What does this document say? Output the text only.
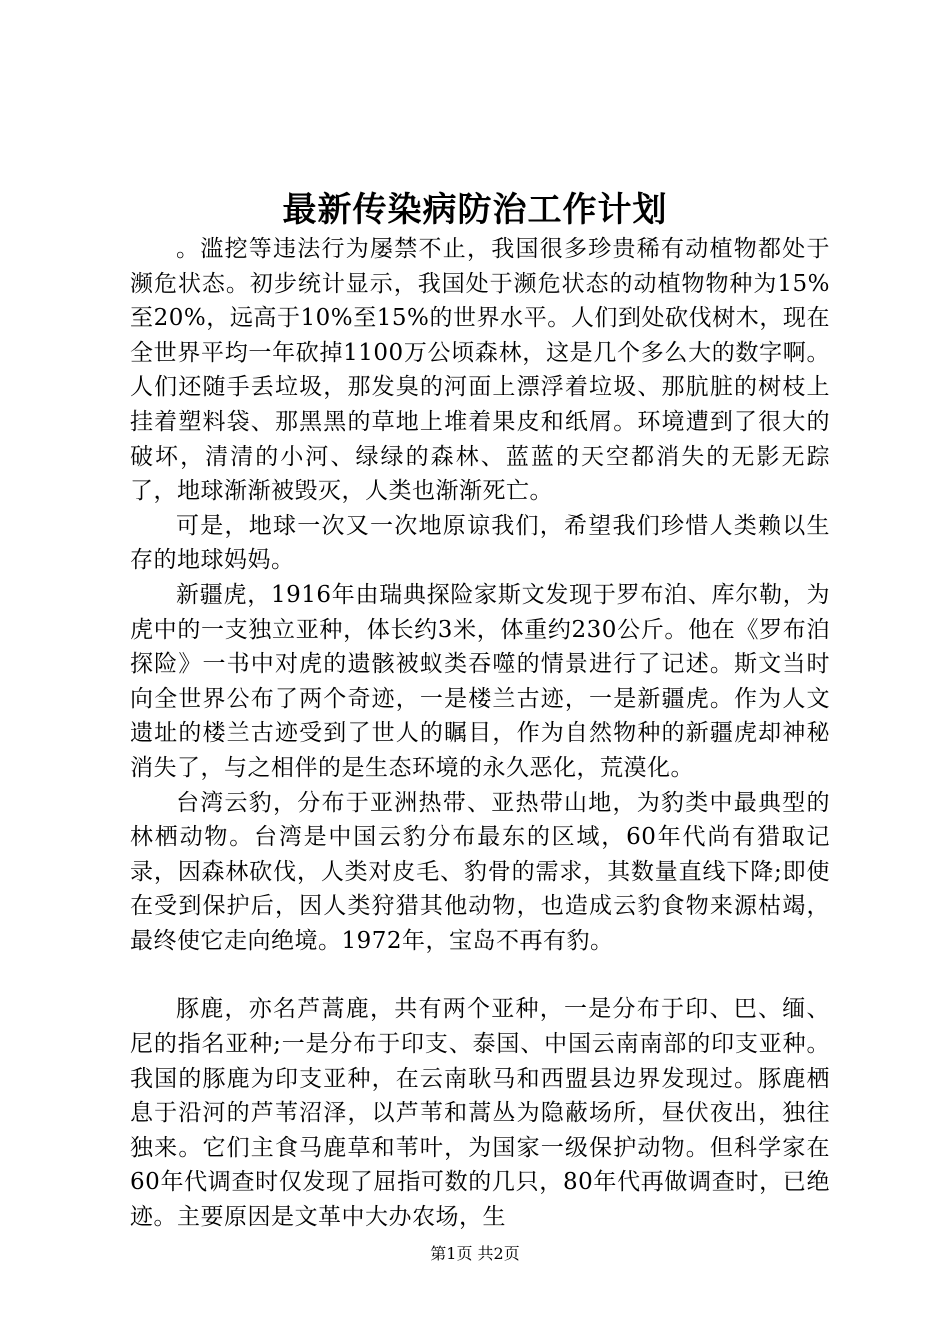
最新传染病防治工作计划

。滥挖等违法行为屡禁不止，我国很多珍贵稀有动植物都处于濒危状态。初步统计显示，我国处于濒危状态的动植物物种为15%至20%，远高于10%至15%的世界水平。人们到处砍伐树木，现在全世界平均一年砍掉1100万公顷森林，这是几个多么大的数字啊。人们还随手丢垃圾，那发臭的河面上漂浮着垃圾、那肮脏的树枝上挂着塑料袋、那黑黑的草地上堆着果皮和纸屑。环境遭到了很大的破坏，清清的小河、绿绿的森林、蓝蓝的天空都消失的无影无踪了，地球渐渐被毁灭，人类也渐渐死亡。

可是，地球一次又一次地原谅我们，希望我们珍惜人类赖以生存的地球妈妈。

新疆虎，1916年由瑞典探险家斯文发现于罗布泊、库尔勒，为虎中的一支独立亚种，体长约3米，体重约230公斤。他在《罗布泊探险》一书中对虎的遗骸被蚁类吞噬的情景进行了记述。斯文当时向全世界公布了两个奇迹，一是楼兰古迹，一是新疆虎。作为人文遗址的楼兰古迹受到了世人的瞩目，作为自然物种的新疆虎却神秘消失了，与之相伴的是生态环境的永久恶化，荒漠化。

台湾云豹，分布于亚洲热带、亚热带山地，为豹类中最典型的林栖动物。台湾是中国云豹分布最东的区域，60年代尚有猎取记录，因森林砍伐，人类对皮毛、豹骨的需求，其数量直线下降;即使在受到保护后，因人类狩猎其他动物，也造成云豹食物来源枯竭，最终使它走向绝境。1972年，宝岛不再有豹。

豚鹿，亦名芦蒿鹿，共有两个亚种，一是分布于印、巴、缅、尼的指名亚种;一是分布于印支、泰国、中国云南南部的印支亚种。我国的豚鹿为印支亚种，在云南耿马和西盟县边界发现过。豚鹿栖息于沿河的芦苇沼泽，以芦苇和蒿丛为隐蔽场所，昼伏夜出，独往独来。它们主食马鹿草和苇叶，为国家一级保护动物。但科学家在60年代调查时仅发现了屈指可数的几只，80年代再做调查时，已绝迹。主要原因是文革中大办农场，生

第1页 共2页
